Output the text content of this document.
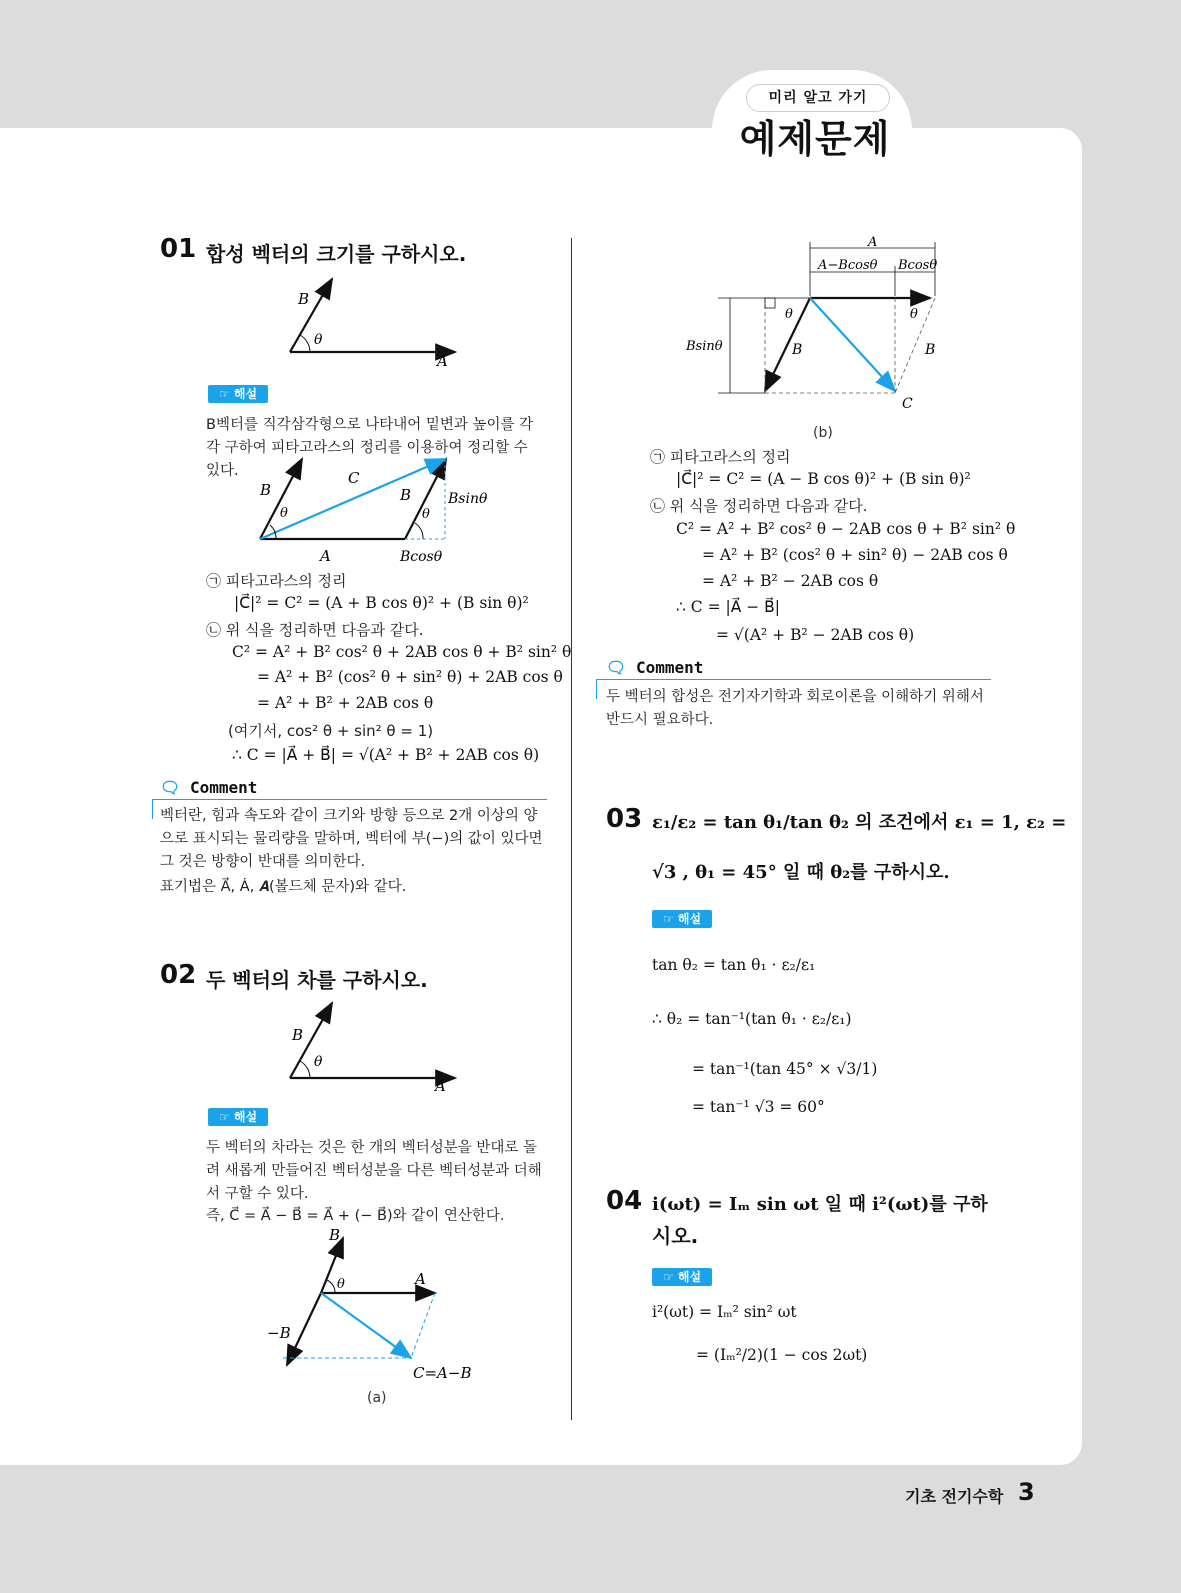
미리 알고 가기
예제문제
01 합성 벡터의 크기를 구하시오.
θ
B
A
☞ 해설
B벡터를 직각삼각형으로 나타내어 밑변과 높이를 각각 구하여 피타고라스의 정리를 이용하여 정리할 수 있다.
B
θ
C
B
θ
Bsinθ
A	Bcosθ
㉠ 피타고라스의 정리
|C⃗|² = C² = (A + B cos θ)² + (B sin θ)²
㉡ 위 식을 정리하면 다음과 같다.
C² = A² + B² cos² θ + 2AB cos θ + B² sin² θ
= A² + B² (cos² θ + sin² θ) + 2AB cos θ
= A² + B² + 2AB cos θ
(여기서, cos² θ + sin² θ = 1)
∴ C = |A⃗ + B⃗| = √(A² + B² + 2AB cos θ)
🗨 Comment
벡터란, 힘과 속도와 같이 크기와 방향 등으로 2개 이상의 양으로 표시되는 물리량을 말하며, 벡터에 부(−)의 값이 있다면 그 것은 방향이 반대를 의미한다.
표기법은 A⃗, Ȧ, 𝑨(볼드체 문자)와 같다.
02 두 벡터의 차를 구하시오.
θ
B
A
☞ 해설
두 벡터의 차라는 것은 한 개의 벡터성분을 반대로 돌려 새롭게 만들어진 벡터성분을 다른 벡터성분과 더해서 구할 수 있다.
즉, C⃗ = A⃗ − B⃗ = A⃗ + (− B⃗)와 같이 연산한다.
B
θ	A
−B
C=A−B
(a)
A
A−Bcosθ Bcosθ
Bsinθ
θ	θ
B	B
C
(b)
㉠ 피타고라스의 정리
|C⃗|² = C² = (A − B cos θ)² + (B sin θ)²
㉡ 위 식을 정리하면 다음과 같다.
C² = A² + B² cos² θ − 2AB cos θ + B² sin² θ
= A² + B² (cos² θ + sin² θ) − 2AB cos θ
= A² + B² − 2AB cos θ
∴ C = |A⃗ − B⃗|
= √(A² + B² − 2AB cos θ)
🗨 Comment
두 벡터의 합성은 전기자기학과 회로이론을 이해하기 위해서 반드시 필요하다.
03 ε₁/ε₂ = tan θ₁/tan θ₂ 의 조건에서 ε₁ = 1, ε₂ =
√3 , θ₁ = 45° 일 때 θ₂를 구하시오.
☞ 해설
tan θ₂ = tan θ₁ · ε₂/ε₁
∴ θ₂ = tan⁻¹(tan θ₁ · ε₂/ε₁)
= tan⁻¹(tan 45° × √3/1)
= tan⁻¹ √3 = 60°
04 i(ωt) = Iₘ sin ωt 일 때 i²(ωt)를 구하
시오.
☞ 해설
i²(ωt) = Iₘ² sin² ωt
= (Iₘ²/2)(1 − cos 2ωt)
기초 전기수학 3
